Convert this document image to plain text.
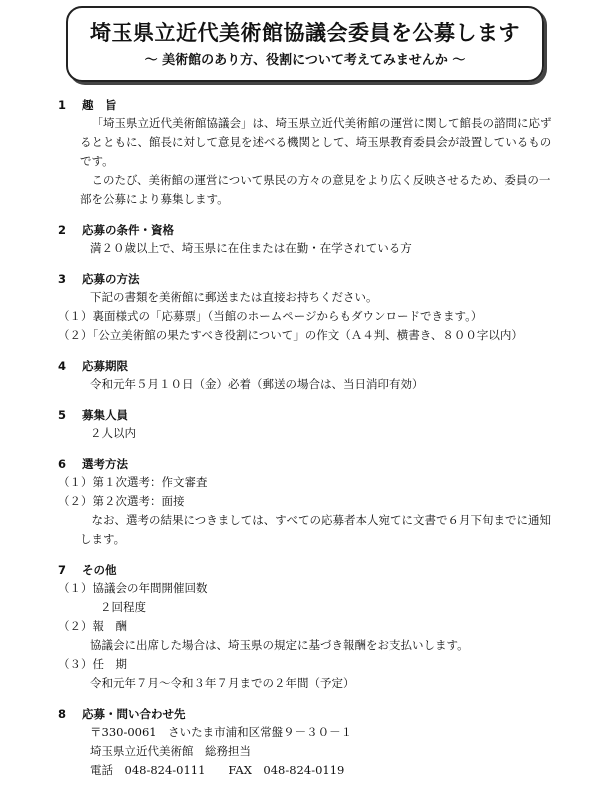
埼玉県立近代美術館協議会委員を公募します
～ 美術館のあり方、役割について考えてみませんか ～
1 趣　旨
「埼玉県立近代美術館協議会」は、埼玉県立近代美術館の運営に関して館長の諮問に応ずるとともに、館長に対して意見を述べる機関として、埼玉県教育委員会が設置しているものです。
このたび、美術館の運営について県民の方々の意見をより広く反映させるため、委員の一部を公募により募集します。
2 応募の条件・資格
満２０歳以上で、埼玉県に在住または在勤・在学されている方
3 応募の方法
下記の書類を美術館に郵送または直接お持ちください。
（１）裏面様式の「応募票」（当館のホームページからもダウンロードできます。）
（２）「公立美術館の果たすべき役割について」の作文（Ａ４判、横書き、８００字以内）
4 応募期限
令和元年５月１０日（金）必着（郵送の場合は、当日消印有効）
5 募集人員
２人以内
6 選考方法
（１）第１次選考：作文審査
（２）第２次選考：面接
なお、選考の結果につきましては、すべての応募者本人宛てに文書で６月下旬までに通知します。
7 その他
（１）協議会の年間開催回数
２回程度
（２）報　酬
協議会に出席した場合は、埼玉県の規定に基づき報酬をお支払いします。
（３）任　期
令和元年７月～令和３年７月までの２年間（予定）
8 応募・問い合わせ先
〒330-0061　さいたま市浦和区常盤９－３０－１
埼玉県立近代美術館　総務担当
電話　048-824-0111　　FAX　048-824-0119
